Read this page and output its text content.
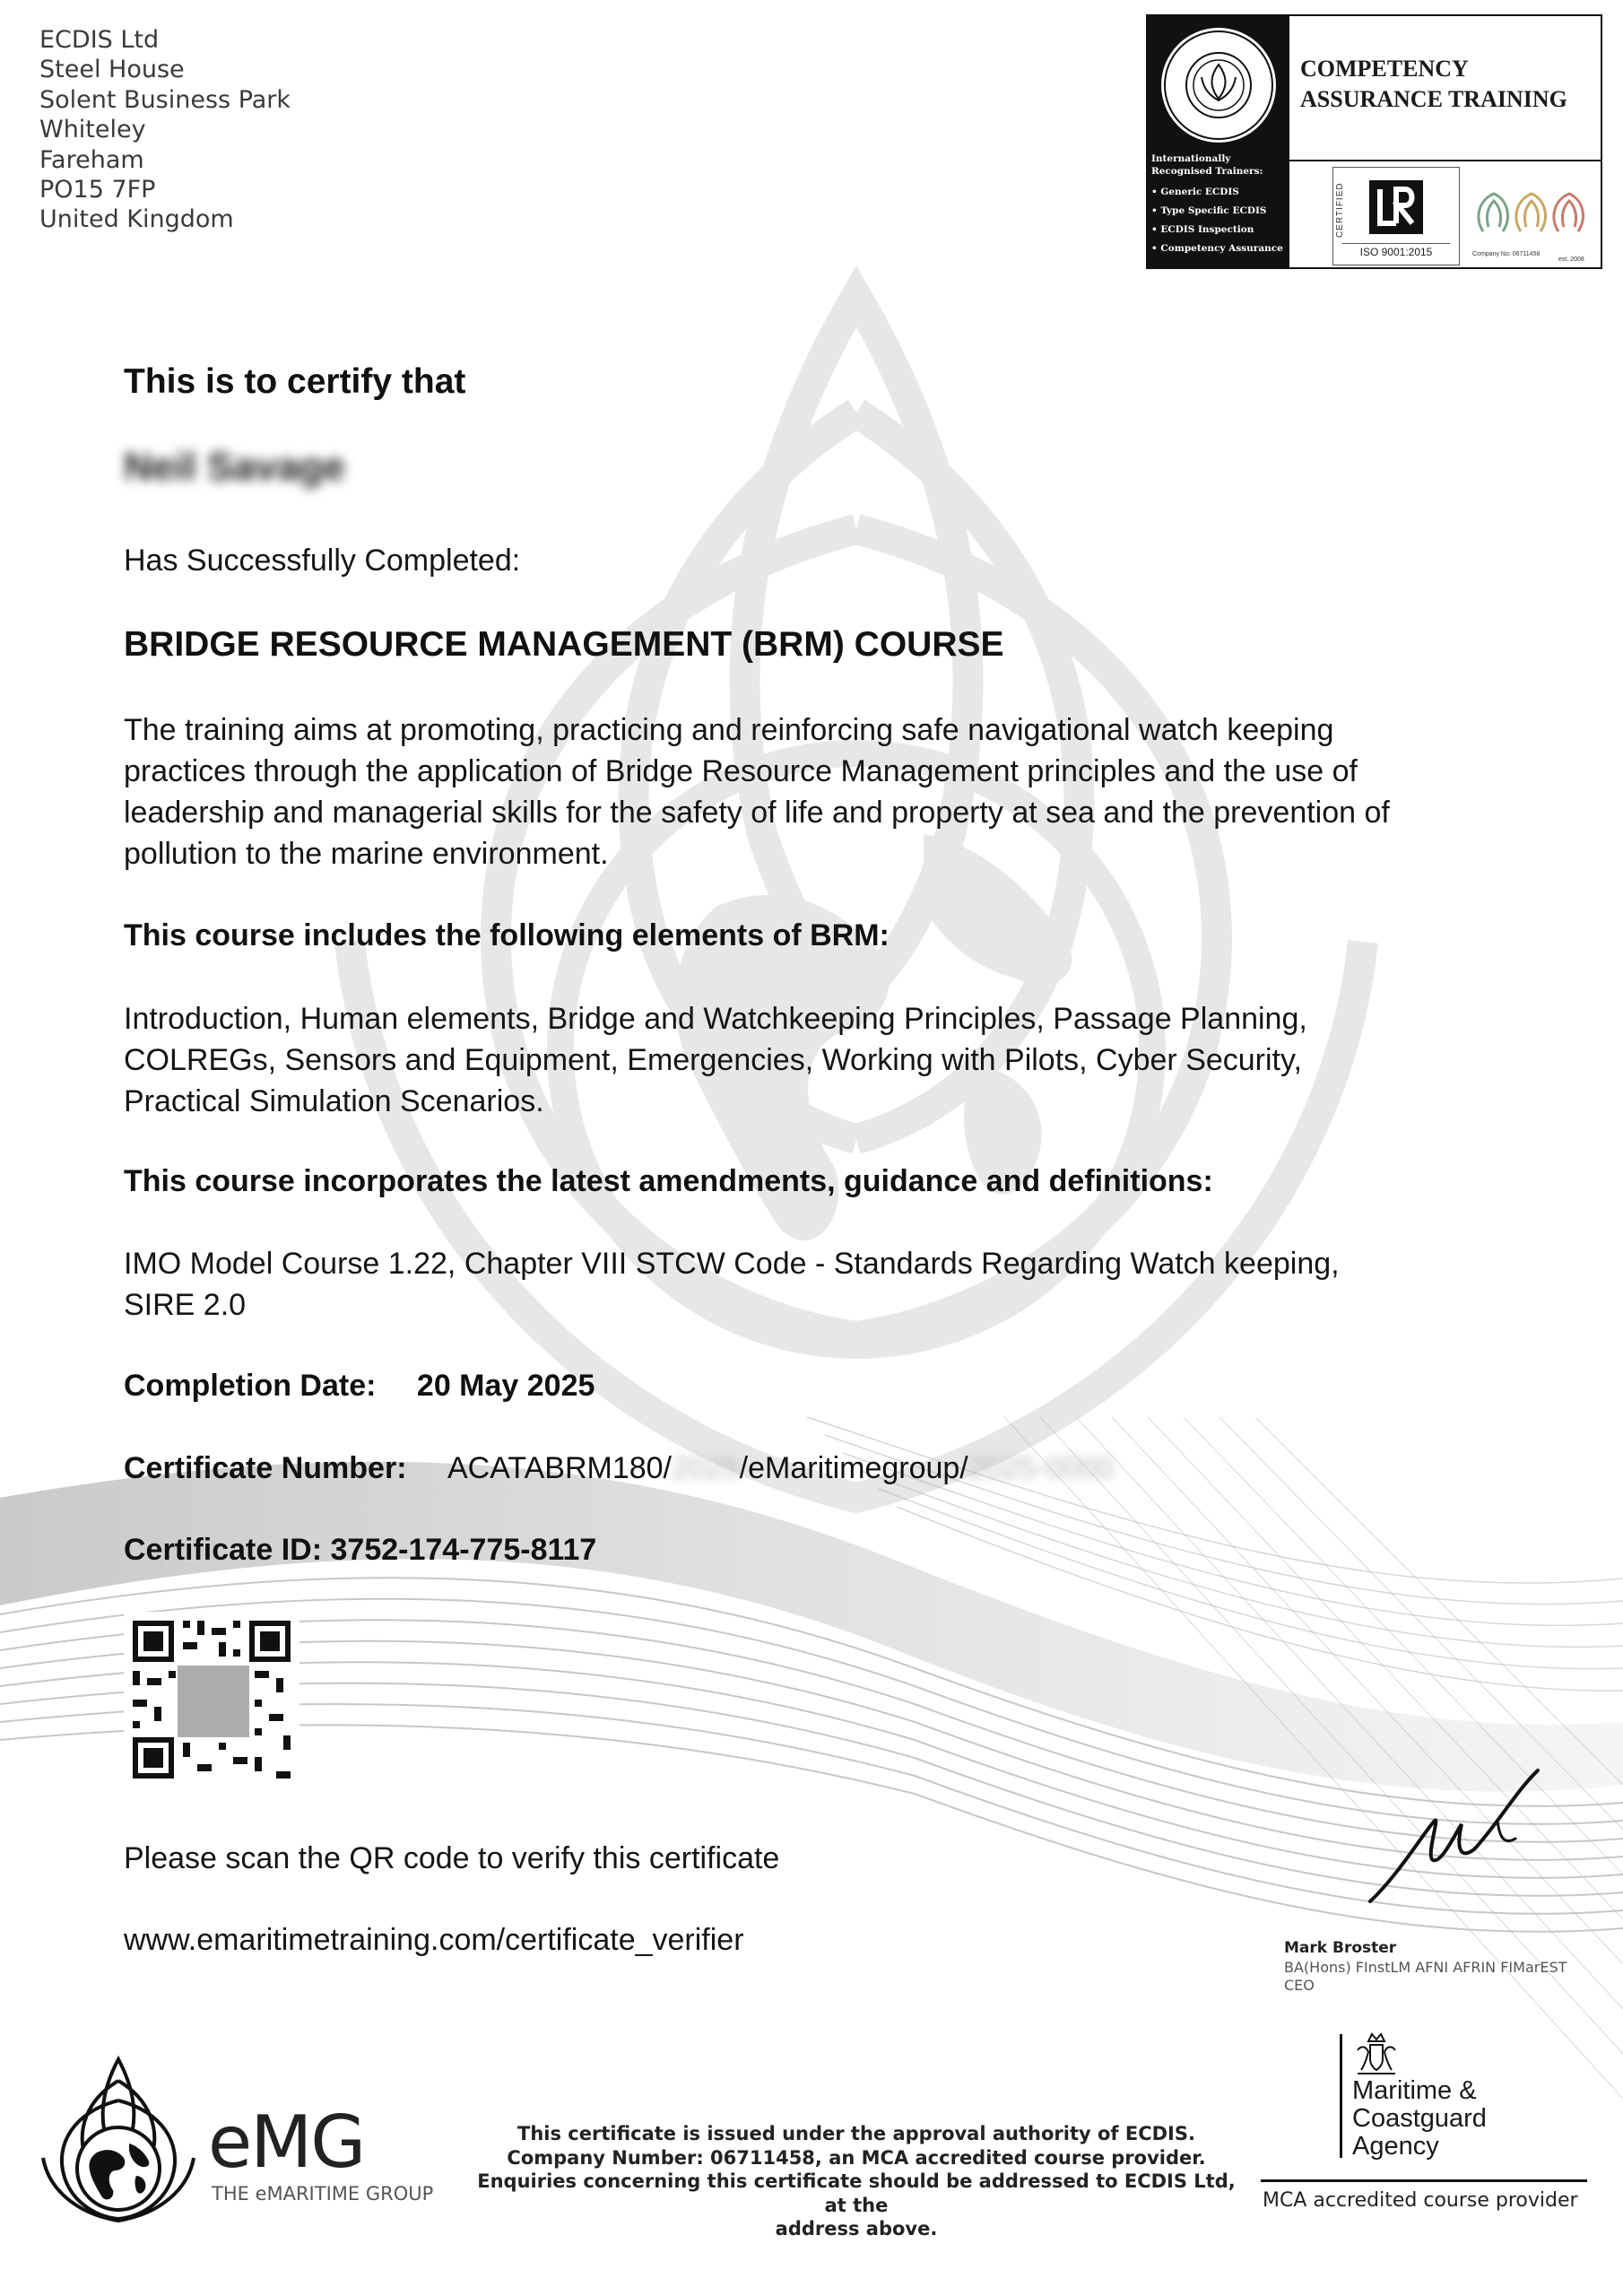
ECDIS Ltd
Steel House
Solent Business Park
Whiteley
Fareham
PO15 7FP
United Kingdom
Internationally Recognised Trainers:
• Generic ECDIS
• Type Specific ECDIS
• ECDIS Inspection
• Competency Assurance
COMPETENCY
ASSURANCE TRAINING
CERTIFIED
ISO 9001:2015	Company No: 06711458
est. 2008
This is to certify that
Neil Savage
Has Successfully Completed:
BRIDGE RESOURCE MANAGEMENT (BRM) COURSE
The training aims at promoting, practicing and reinforcing safe navigational watch keeping
practices through the application of Bridge Resource Management principles and the use of
leadership and managerial skills for the safety of life and property at sea and the prevention of
pollution to the marine environment.
This course includes the following elements of BRM:
Introduction, Human elements, Bridge and Watchkeeping Principles, Passage Planning,
COLREGs, Sensors and Equipment, Emergencies, Working with Pilots, Cyber Security,
Practical Simulation Scenarios.
This course incorporates the latest amendments, guidance and definitions:
IMO Model Course 1.22, Chapter VIII STCW Code - Standards Regarding Watch keeping,
SIRE 2.0
Completion Date: 20 May 2025
Certificate Number: ACATABRM180/2025/eMaritimegroup/2025-0000
Certificate ID: 3752-174-775-8117
Please scan the QR code to verify this certificate
www.emaritimetraining.com/certificate_verifier	Mark Broster
BA(Hons) FInstLM AFNI AFRIN FIMarEST
CEO
eMG
THE eMARITIME GROUP
This certificate is issued under the approval authority of ECDIS.
Company Number: 06711458, an MCA accredited course provider.
Enquiries concerning this certificate should be addressed to ECDIS Ltd, at the
address above.
Maritime &
Coastguard
Agency
MCA accredited course provider
